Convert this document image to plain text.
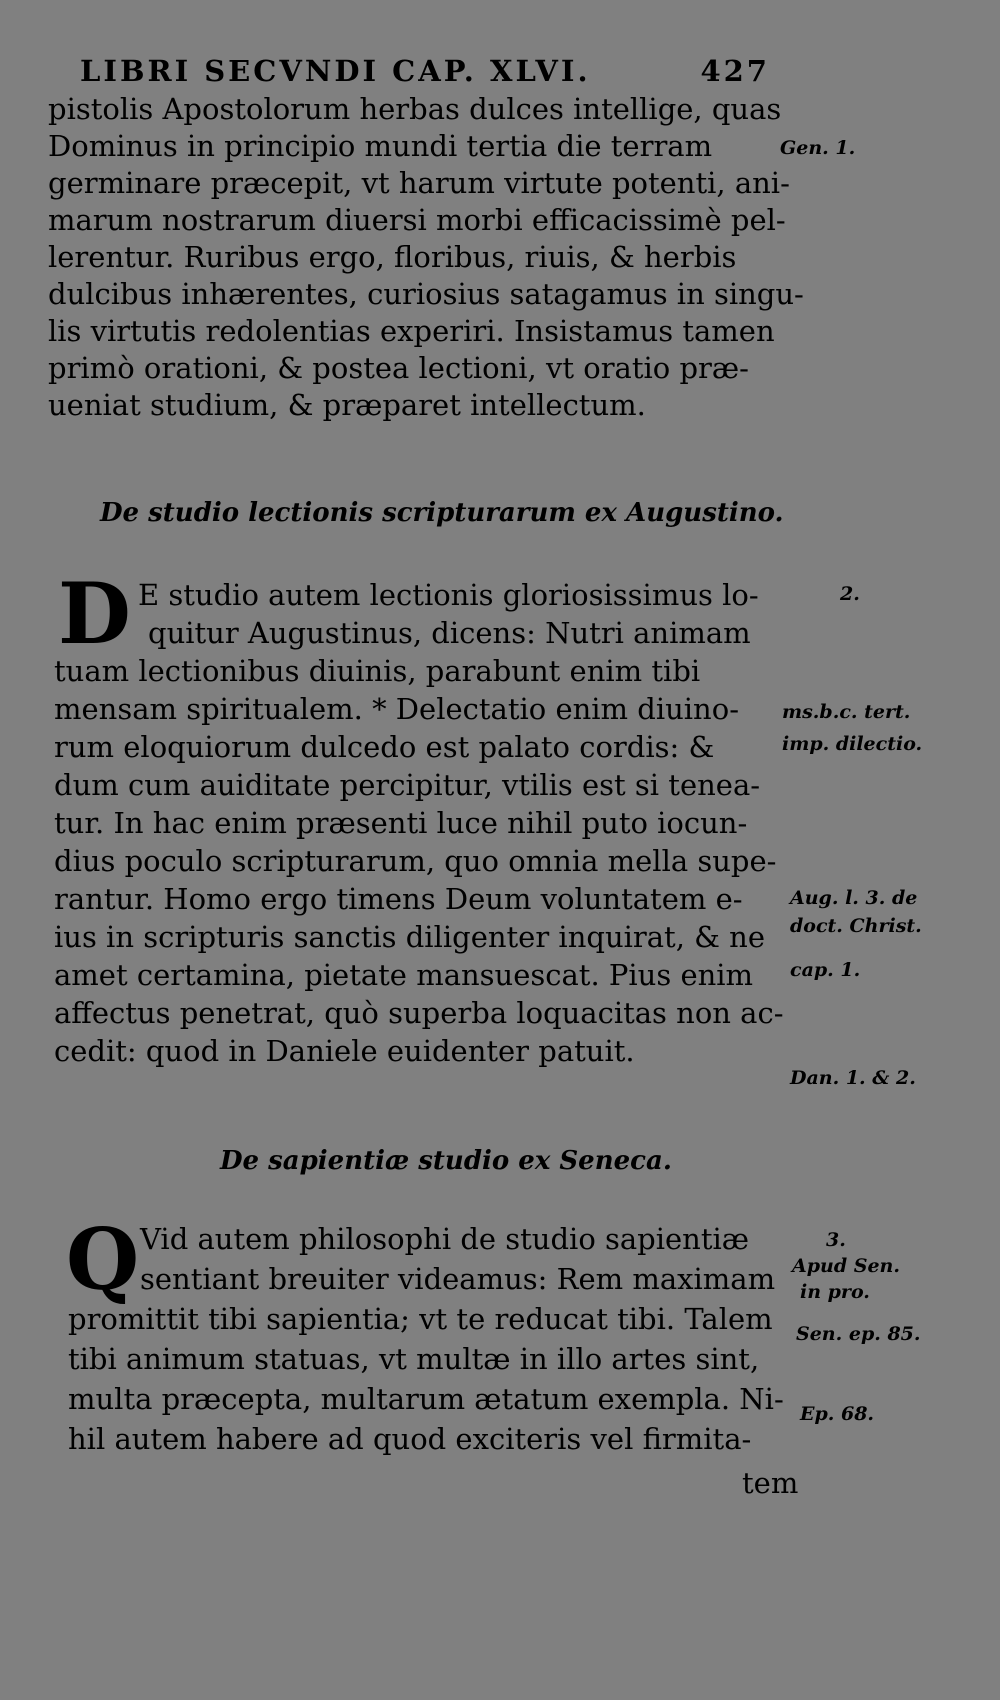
LIBRI SECVNDI CAP. XLVI.	427
pistolis Apostolorum herbas dulces intellige, quas
Dominus in principio mundi tertia die terram
germinare præcepit, vt harum virtute potenti, ani-
marum nostrarum diuersi morbi efficacissimè pel-
lerentur. Ruribus ergo, floribus, riuis, & herbis
dulcibus inhærentes, curiosius satagamus in singu-
lis virtutis redolentias experiri. Insistamus tamen
primò orationi, & postea lectioni, vt oratio præ-
ueniat studium, & præparet intellectum.
Gen. 1.
De studio lectionis scripturarum ex Augustino.
D E studio autem lectionis gloriosissimus lo-
quitur Augustinus, dicens: Nutri animam
tuam lectionibus diuinis, parabunt enim tibi
mensam spiritualem. * Delectatio enim diuino-
rum eloquiorum dulcedo est palato cordis: &
dum cum auiditate percipitur, vtilis est si tenea-
tur. In hac enim præsenti luce nihil puto iocun-
dius poculo scripturarum, quo omnia mella supe-
rantur. Homo ergo timens Deum voluntatem e-
ius in scripturis sanctis diligenter inquirat, & ne
amet certamina, pietate mansuescat. Pius enim
affectus penetrat, quò superba loquacitas non ac-
cedit: quod in Daniele euidenter patuit.
2.
ms.b.c. tert.
imp. dilectio.
Aug. l. 3. de
doct. Christ.
cap. 1.
Dan. 1. & 2.
De sapientiæ studio ex Seneca.
Q Vid autem philosophi de studio sapientiæ
sentiant breuiter videamus: Rem maximam
promittit tibi sapientia; vt te reducat tibi. Talem
tibi animum statuas, vt multæ in illo artes sint,
multa præcepta, multarum ætatum exempla. Ni-
hil autem habere ad quod exciteris vel firmita-
tem
3.
Apud Sen.
in pro.
Sen. ep. 85.
Ep. 68.
